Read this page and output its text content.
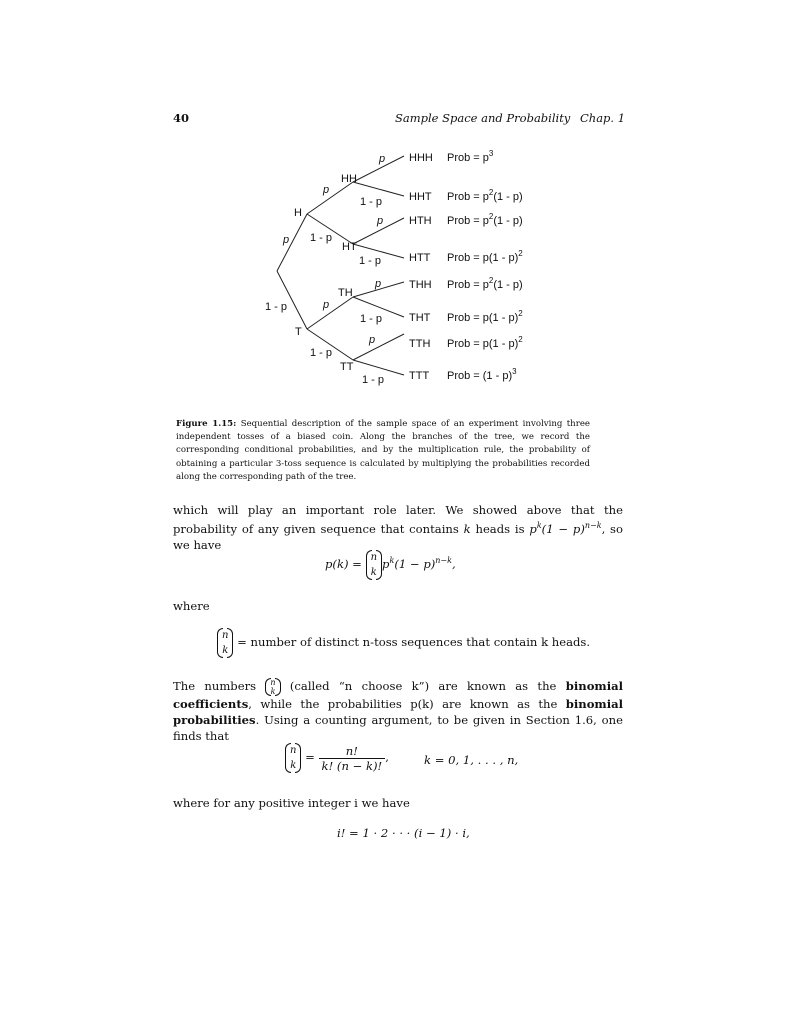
40	Sample Space and Probability Chap. 1
H
T
HH
HT
TH
TT
p
1 - p
p
1 - p
p
1 - p
p
1 - p
p
1 - p
p
1 - p
p
1 - p
HHH Prob = $p^3$
HHT Prob = $p^2(1 - p)$
HTH Prob = $p^2(1 - p)$
HTT Prob = p(1 - p)$^2$
THH Prob = $p^2(1 - p)$
THT Prob = p(1 - p)$^2$
TTH Prob = p(1 - p)$^2$
TTT Prob = (1 - p)$^3$
Figure 1.15: Sequential description of the sample space of an experiment involving three independent tosses of a biased coin. Along the branches of the tree, we record the corresponding conditional probabilities, and by the multiplication rule, the probability of obtaining a particular 3-toss sequence is calculated by multiplying the probabilities recorded along the corresponding path of the tree.
which will play an important role later. We showed above that the probability of any given sequence that contains k heads is $p^k(1 - p)^{n-k}$, so we have
p(k) = n
k
$p^k(1 - p)^{n-k}$,
where
n
k
= number of distinct n-toss sequences that contain k heads.
The numbers n
k (called “n choose k”) are known as the binomial coefficients, while the probabilities p(k) are known as the binomial probabilities. Using a counting argument, to be given in Section 1.6, one finds that
n
k
= $\frac{n!}{k! (n - k)!}$ ,	k = 0, 1, . . . , n,
where for any positive integer i we have
i! = 1 · 2 · · · (i − 1) · i,
